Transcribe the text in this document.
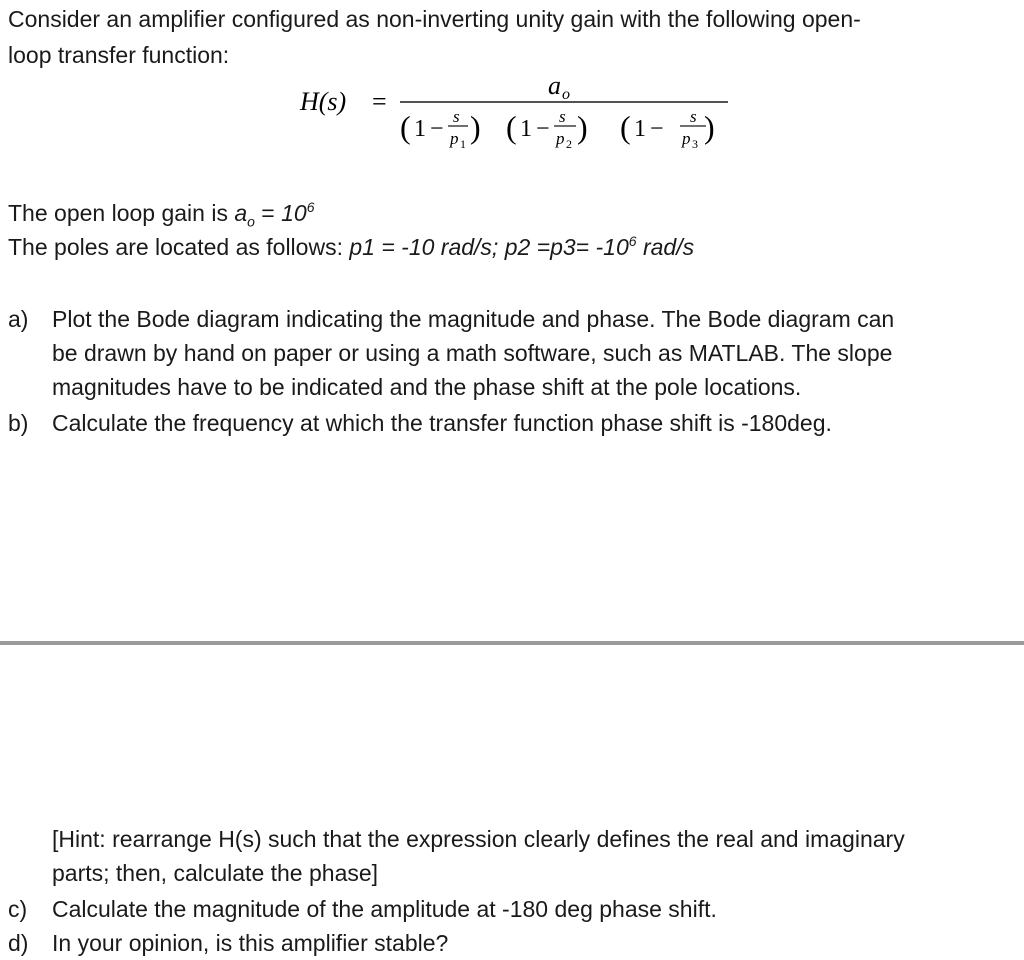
Consider an amplifier configured as non-inverting unity gain with the following open-
loop transfer function:
H(s) =
a o
( 1 − s
p 1 ) ( 1 − s
p 2 ) ( 1 − s
p 3 )
The open loop gain is $a_o = 10^6$
The poles are located as follows: p1 = -10 rad/s; $p2 =p3= -10^6$ rad/s
a) Plot the Bode diagram indicating the magnitude and phase. The Bode diagram can
be drawn by hand on paper or using a math software, such as MATLAB. The slope
magnitudes have to be indicated and the phase shift at the pole locations.
b) Calculate the frequency at which the transfer function phase shift is -180deg.
[Hint: rearrange H(s) such that the expression clearly defines the real and imaginary
parts; then, calculate the phase]
c) Calculate the magnitude of the amplitude at -180 deg phase shift.
d) In your opinion, is this amplifier stable?
